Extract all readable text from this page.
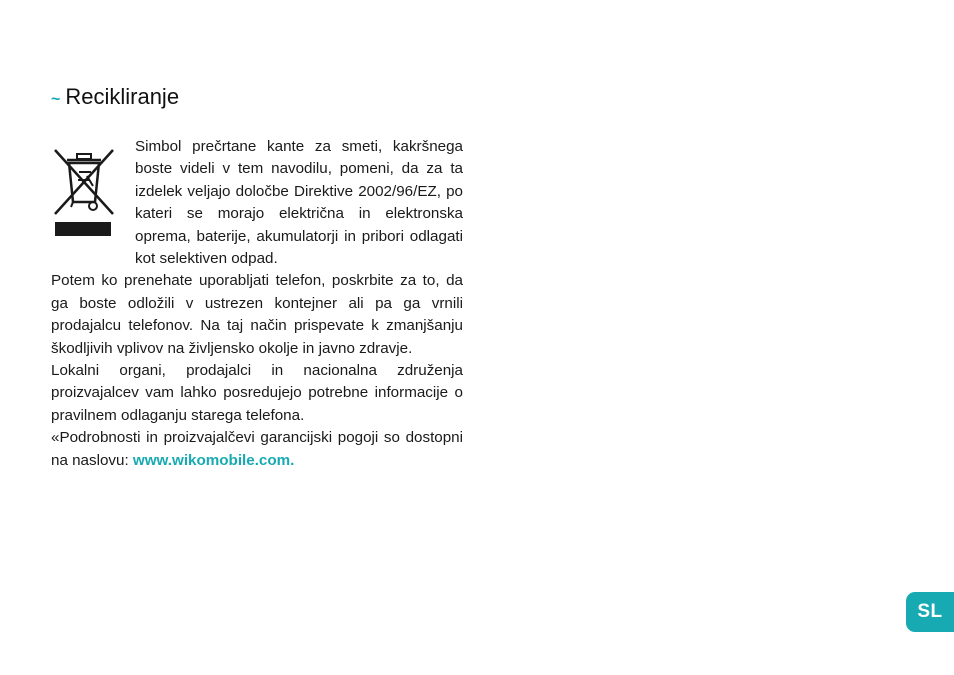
~ Recikliranje

Simbol prečrtane kante za smeti, kakršnega boste videli v tem navodilu, pomeni, da za ta izdelek veljajo določbe Direktive 2002/96/EZ, po kateri se morajo električna in elektronska oprema, baterije, akumulatorji in pribori odlagati kot selektiven odpad.

Potem ko prenehate uporabljati telefon, poskrbite za to, da ga boste odložili v ustrezen kontejner ali pa ga vrnili prodajalcu telefonov. Na taj način prispevate k zmanjšanju škodljivih vplivov na življensko okolje in javno zdravje.

Lokalni organi, prodajalci in nacionalna združenja proizvajalcev vam lahko posredujejo potrebne informacije o pravilnem odlaganju starega telefona.

«Podrobnosti in proizvajalčevi garancijski pogoji so dostopni na naslovu: www.wikomobile.com.

SL
